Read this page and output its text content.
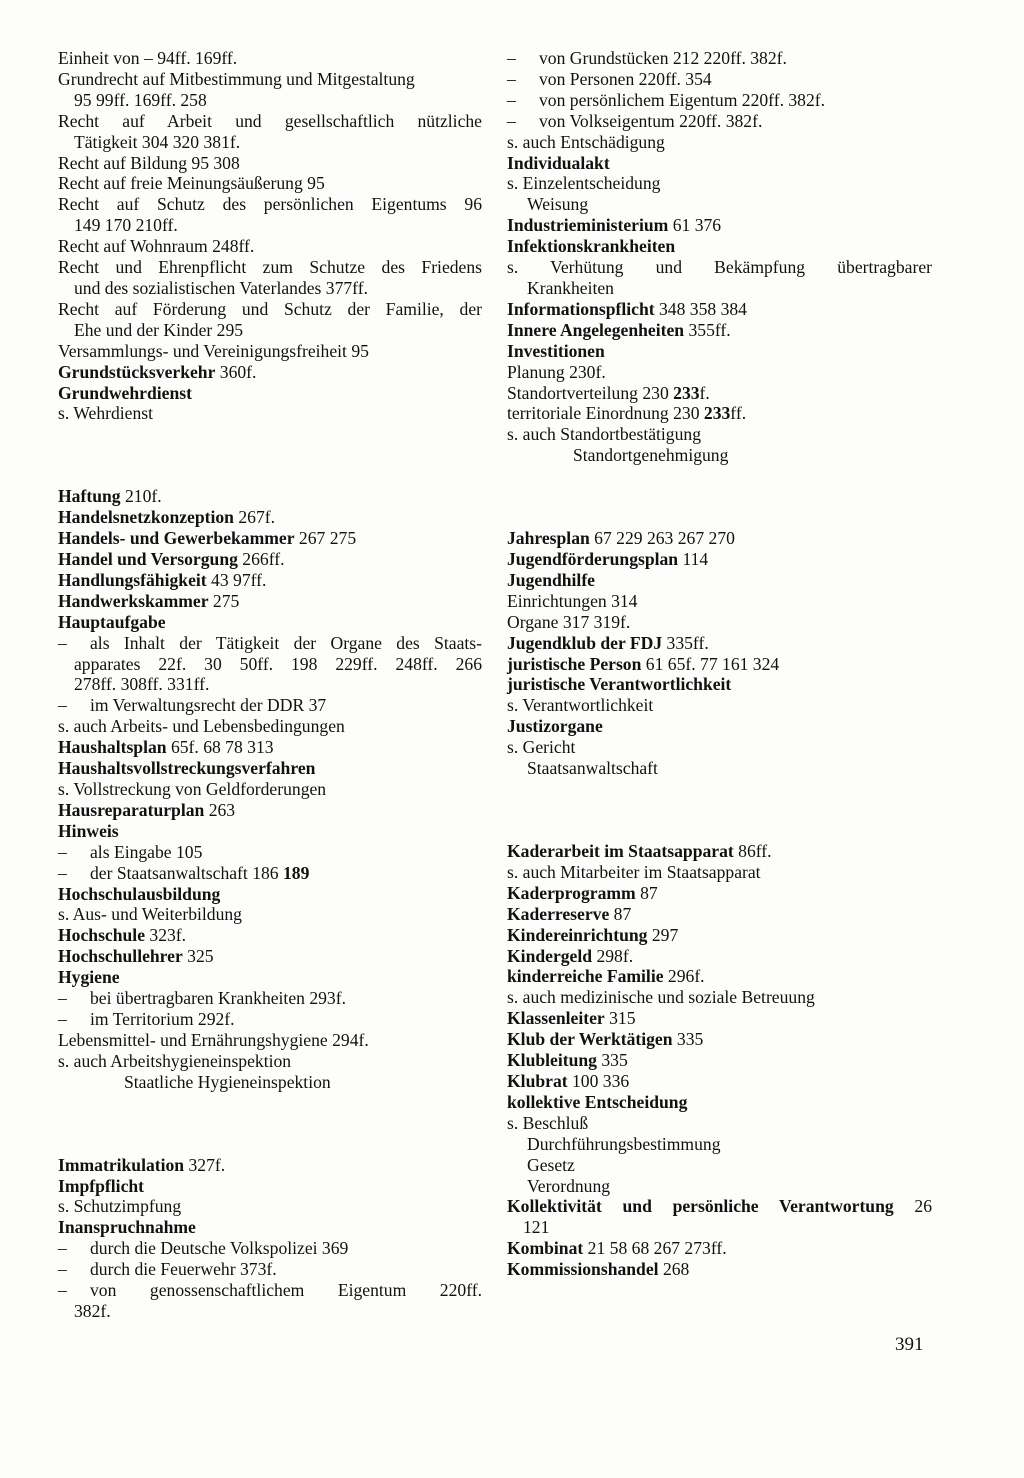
Einheit von – 94ff. 169ff.
Grundrecht auf Mitbestimmung und Mitgestaltung
95 99ff. 169ff. 258
Recht auf Arbeit und gesellschaftlich nützliche
Tätigkeit 304 320 381f.
Recht auf Bildung 95 308
Recht auf freie Meinungsäußerung 95
Recht auf Schutz des persönlichen Eigentums 96
149 170 210ff.
Recht auf Wohnraum 248ff.
Recht und Ehrenpflicht zum Schutze des Friedens
und des sozialistischen Vaterlandes 377ff.
Recht auf Förderung und Schutz der Familie, der
Ehe und der Kinder 295
Versammlungs- und Vereinigungsfreiheit 95
Grundstücksverkehr 360f.
Grundwehrdienst
s. Wehrdienst
Haftung 210f.
Handelsnetzkonzeption 267f.
Handels- und Gewerbekammer 267 275
Handel und Versorgung 266ff.
Handlungsfähigkeit 43 97ff.
Handwerkskammer 275
Hauptaufgabe
–	als Inhalt der Tätigkeit der Organe des Staats-
apparates 22f. 30 50ff. 198 229ff. 248ff. 266
278ff. 308ff. 331ff.
–	im Verwaltungsrecht der DDR 37
s. auch Arbeits- und Lebensbedingungen
Haushaltsplan 65f. 68 78 313
Haushaltsvollstreckungsverfahren
s. Vollstreckung von Geldforderungen
Hausreparaturplan 263
Hinweis
–	als Eingabe 105
–	der Staatsanwaltschaft 186 189
Hochschulausbildung
s. Aus- und Weiterbildung
Hochschule 323f.
Hochschullehrer 325
Hygiene
–	bei übertragbaren Krankheiten 293f.
–	im Territorium 292f.
Lebensmittel- und Ernährungshygiene 294f.
s. auch Arbeitshygieneinspektion
Staatliche Hygieneinspektion
Immatrikulation 327f.
Impfpflicht
s. Schutzimpfung
Inanspruchnahme
–	durch die Deutsche Volkspolizei 369
–	durch die Feuerwehr 373f.
–	von genossenschaftlichem Eigentum 220ff.
382f.
–	von Grundstücken 212 220ff. 382f.
–	von Personen 220ff. 354
–	von persönlichem Eigentum 220ff. 382f.
–	von Volkseigentum 220ff. 382f.
s. auch Entschädigung
Individualakt
s. Einzelentscheidung
Weisung
Industrieministerium 61 376
Infektionskrankheiten
s. Verhütung und Bekämpfung übertragbarer
Krankheiten
Informationspflicht 348 358 384
Innere Angelegenheiten 355ff.
Investitionen
Planung 230f.
Standortverteilung 230 233f.
territoriale Einordnung 230 233ff.
s. auch Standortbestätigung
Standortgenehmigung
Jahresplan 67 229 263 267 270
Jugendförderungsplan 114
Jugendhilfe
Einrichtungen 314
Organe 317 319f.
Jugendklub der FDJ 335ff.
juristische Person 61 65f. 77 161 324
juristische Verantwortlichkeit
s. Verantwortlichkeit
Justizorgane
s. Gericht
Staatsanwaltschaft
Kaderarbeit im Staatsapparat 86ff.
s. auch Mitarbeiter im Staatsapparat
Kaderprogramm 87
Kaderreserve 87
Kindereinrichtung 297
Kindergeld 298f.
kinderreiche Familie 296f.
s. auch medizinische und soziale Betreuung
Klassenleiter 315
Klub der Werktätigen 335
Klubleitung 335
Klubrat 100 336
kollektive Entscheidung
s. Beschluß
Durchführungsbestimmung
Gesetz
Verordnung
Kollektivität und persönliche Verantwortung 26
121
Kombinat 21 58 68 267 273ff.
Kommissionshandel 268
391
